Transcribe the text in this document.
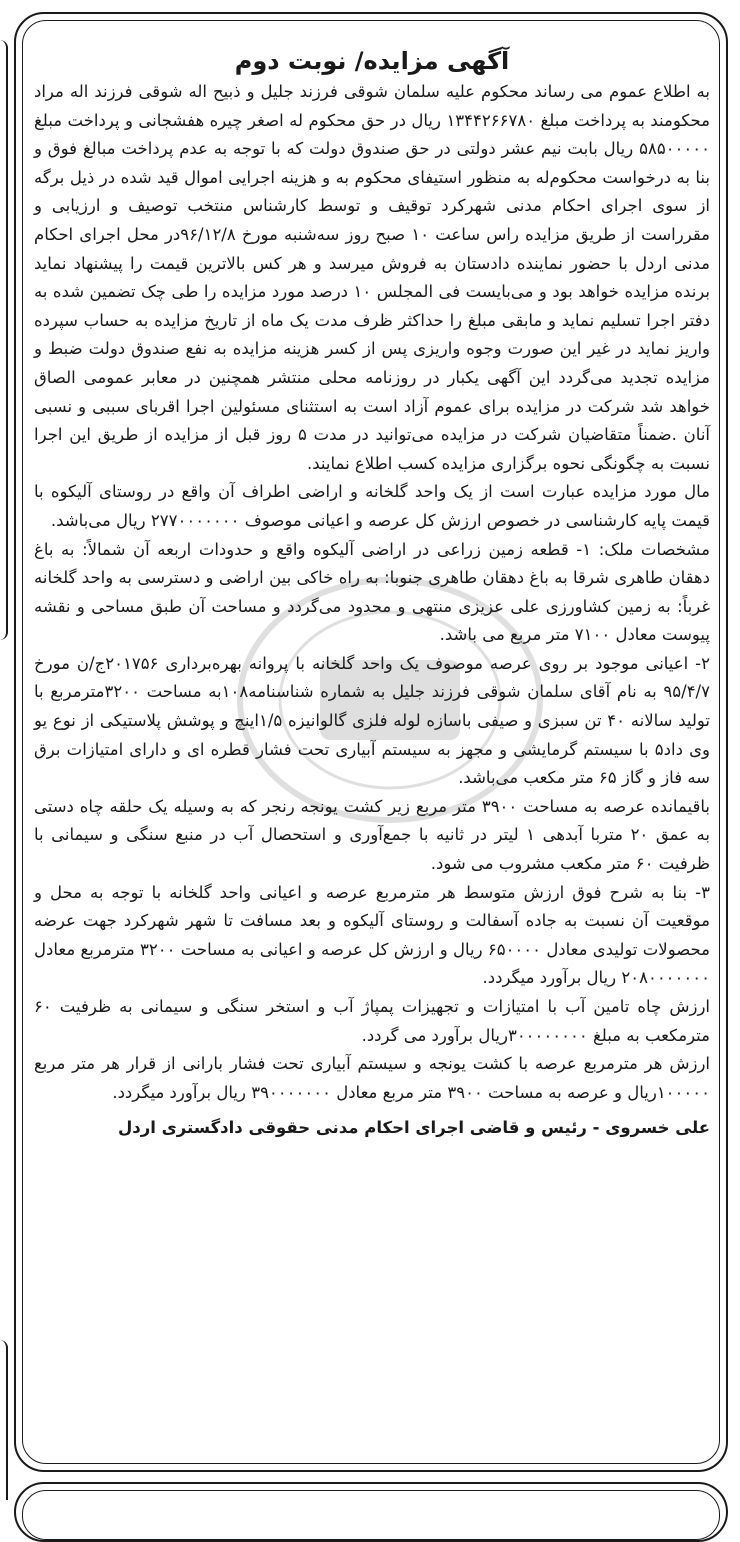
آگهی مزایده/ نوبت دوم

به اطلاع عموم می رساند محکوم علیه سلمان شوقی فرزند جلیل و ذبیح اله شوقی فرزند اله مراد محکومند به پرداخت مبلغ ۱۳۴۴۲۶۶۷۸۰ ریال در حق محکوم له اصغر چیره هفشجانی و پرداخت مبلغ ۵۸۵۰۰۰۰۰ ریال بابت نیم عشر دولتی در حق صندوق دولت که با توجه به عدم پرداخت مبالغ فوق و بنا به درخواست محکوم‌له به منظور استیفای محکوم به و هزینه اجرایی اموال قید شده در ذیل برگه از سوی اجرای احکام مدنی شهرکرد توقیف و توسط کارشناس منتخب توصیف و ارزیابی و مقرراست از طریق مزایده راس ساعت ۱۰ صبح روز سه‌شنبه مورخ ۹۶/۱۲/۸در محل اجرای احکام مدنی اردل با حضور نماینده دادستان به فروش میرسد و هر کس بالاترین قیمت را پیشنهاد نماید برنده مزایده خواهد بود و می‌بایست فی المجلس ۱۰ درصد مورد مزایده را طی چک تضمین شده به دفتر اجرا تسلیم نماید و مابقی مبلغ را حداکثر ظرف مدت یک ماه از تاریخ مزایده به حساب سپرده واریز نماید در غیر این صورت وجوه واریزی پس از کسر هزینه مزایده به نفع صندوق دولت ضبط و مزایده تجدید می‌گردد این آگهی یکبار در روزنامه محلی منتشر همچنین در معابر عمومی الصاق خواهد شد شرکت در مزایده برای عموم آزاد است به استثنای مسئولین اجرا اقربای سببی و نسبی آنان .ضمناً متقاضیان شرکت در مزایده می‌توانید در مدت ۵ روز قبل از مزایده از طریق این اجرا نسبت به چگونگی نحوه برگزاری مزایده کسب اطلاع نمایند.

مال مورد مزایده عبارت است از یک واحد گلخانه و اراضی اطراف آن واقع در روستای آلیکوه با قیمت پایه کارشناسی در خصوص ارزش کل عرصه و اعیانی موصوف ۲۷۷۰۰۰۰۰۰۰ ریال می‌باشد.

مشخصات ملک: ۱- قطعه زمین زراعی در اراضی آلیکوه واقع و حدودات اربعه آن شمالاً: به باغ دهقان طاهری شرقا به باغ دهقان طاهری جنوبا: به راه خاکی بین اراضی و دسترسی به واحد گلخانه غرباً: به زمین کشاورزی علی عزیزی منتهی و محدود می‌گردد و مساحت آن طبق مساحی و نقشه پیوست معادل ۷۱۰۰ متر مربع می باشد.

۲- اعیانی موجود بر روی عرصه موصوف یک واحد گلخانه با پروانه بهره‌برداری ۲۰۱۷۵۶ج/ن مورخ ۹۵/۴/۷ به نام آقای سلمان شوقی فرزند جلیل به شماره شناسنامه۱۰۸به مساحت ۳۲۰۰مترمربع با تولید سالانه ۴۰ تن سبزی و صیفی باسازه لوله فلزی گالوانیزه ۱/۵اینچ و پوشش پلاستیکی از نوع یو وی داد۵ با سیستم گرمایشی و مجهز به سیستم آبیاری تحت فشار قطره ای و دارای امتیازات برق سه فاز و گاز ۶۵ متر مکعب می‌باشد.

باقیمانده عرصه به مساحت ۳۹۰۰ متر مربع زیر کشت یونجه رنجر که به وسیله یک حلقه چاه دستی به عمق ۲۰ متربا آبدهی ۱ لیتر در ثانیه با جمع‌آوری و استحصال آب در منبع سنگی و سیمانی با ظرفیت ۶۰ متر مکعب مشروب می شود.

۳- بنا به شرح فوق ارزش متوسط هر مترمربع عرصه و اعیانی واحد گلخانه با توجه به محل و موقعیت آن نسبت به جاده آسفالت و روستای آلیکوه و بعد مسافت تا شهر شهرکرد جهت عرضه محصولات تولیدی معادل ۶۵۰۰۰۰ ریال و ارزش کل عرصه و اعیانی به مساحت ۳۲۰۰ مترمربع معادل ۲۰۸۰۰۰۰۰۰۰ ریال برآورد میگردد.

ارزش چاه تامین آب با امتیازات و تجهیزات پمپاژ آب و استخر سنگی و سیمانی به ظرفیت ۶۰ مترمکعب به مبلغ ۳۰۰۰۰۰۰۰۰ریال برآورد می گردد.

ارزش هر مترمربع عرصه با کشت یونجه و سیستم آبیاری تحت فشار بارانی از قرار هر متر مربع ۱۰۰۰۰۰ریال و عرصه به مساحت ۳۹۰۰ متر مربع معادل ۳۹۰۰۰۰۰۰۰ ریال برآورد میگردد.

علی خسروی - رئیس و قاضی اجرای احکام مدنی حقوقی دادگستری اردل
